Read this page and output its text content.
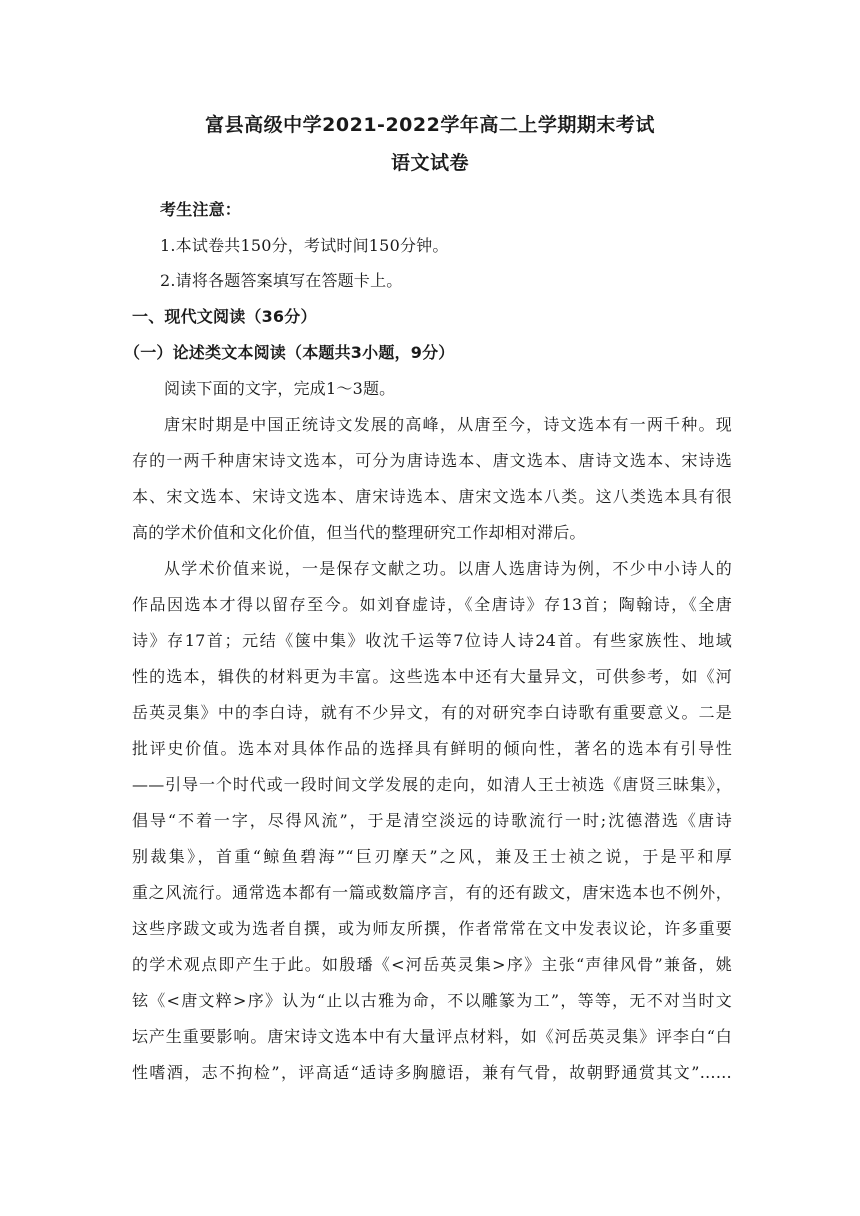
富县高级中学2021-2022学年高二上学期期末考试
语文试卷
考生注意：
1.本试卷共150分，考试时间150分钟。
2.请将各题答案填写在答题卡上。
一、现代文阅读（36分）
（一）论述类文本阅读（本题共3小题，9分）
阅读下面的文字，完成1～3题。
唐宋时期是中国正统诗文发展的高峰，从唐至今，诗文选本有一两千种。现
存的一两千种唐宋诗文选本，可分为唐诗选本、唐文选本、唐诗文选本、宋诗选
本、宋文选本、宋诗文选本、唐宋诗选本、唐宋文选本八类。这八类选本具有很
高的学术价值和文化价值，但当代的整理研究工作却相对滞后。
从学术价值来说，一是保存文献之功。以唐人选唐诗为例，不少中小诗人的
作品因选本才得以留存至今。如刘眘虚诗，《全唐诗》存13首；陶翰诗，《全唐
诗》存17首；元结《箧中集》收沈千运等7位诗人诗24首。有些家族性、地域
性的选本，辑佚的材料更为丰富。这些选本中还有大量异文，可供参考，如《河
岳英灵集》中的李白诗，就有不少异文，有的对研究李白诗歌有重要意义。二是
批评史价值。选本对具体作品的选择具有鲜明的倾向性，著名的选本有引导性
——引导一个时代或一段时间文学发展的走向，如清人王士祯选《唐贤三昧集》，
倡导“不着一字，尽得风流”，于是清空淡远的诗歌流行一时;沈德潜选《唐诗
别裁集》，首重“鲸鱼碧海”“巨刃摩天”之风，兼及王士祯之说，于是平和厚
重之风流行。通常选本都有一篇或数篇序言，有的还有跋文，唐宋选本也不例外，
这些序跋文或为选者自撰，或为师友所撰，作者常常在文中发表议论，许多重要
的学术观点即产生于此。如殷璠《<河岳英灵集>序》主张“声律风骨”兼备，姚
铉《<唐文粹>序》认为“止以古雅为命，不以雕篆为工”，等等，无不对当时文
坛产生重要影响。唐宋诗文选本中有大量评点材料，如《河岳英灵集》评李白“白
性嗜酒，志不拘检”，评高适“适诗多胸臆语，兼有气骨，故朝野通赏其文”……
